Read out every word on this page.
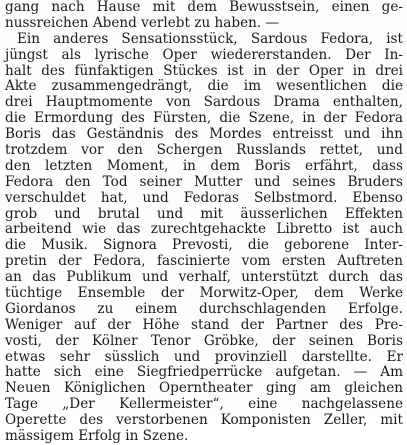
gang nach Hause mit dem Bewusstsein, einen ge-
nussreichen Abend verlebt zu haben. —
Ein anderes Sensationsstück, Sardous Fedora, ist
jüngst als lyrische Oper wiedererstanden. Der In-
halt des fünfaktigen Stückes ist in der Oper in drei
Akte zusammengedrängt, die im wesentlichen die
drei Hauptmomente von Sardous Drama enthalten,
die Ermordung des Fürsten, die Szene, in der Fedora
Boris das Geständnis des Mordes entreisst und ihn
trotzdem vor den Schergen Russlands rettet, und
den letzten Moment, in dem Boris erfährt, dass
Fedora den Tod seiner Mutter und seines Bruders
verschuldet hat, und Fedoras Selbstmord. Ebenso
grob und brutal und mit äusserlichen Effekten
arbeitend wie das zurechtgehackte Libretto ist auch
die Musik. Signora Prevosti, die geborene Inter-
pretin der Fedora, fascinierte vom ersten Auftreten
an das Publikum und verhalf, unterstützt durch das
tüchtige Ensemble der Morwitz-Oper, dem Werke
Giordanos zu einem durchschlagenden Erfolge.
Weniger auf der Höhe stand der Partner des Pre-
vosti, der Kölner Tenor Gröbke, der seinen Boris
etwas sehr süsslich und provinziell darstellte. Er
hatte sich eine Siegfriedperrücke aufgetan. — Am
Neuen Königlichen Operntheater ging am gleichen
Tage „Der Kellermeister“, eine nachgelassene
Operette des verstorbenen Komponisten Zeller, mit
mässigem Erfolg in Szene.
